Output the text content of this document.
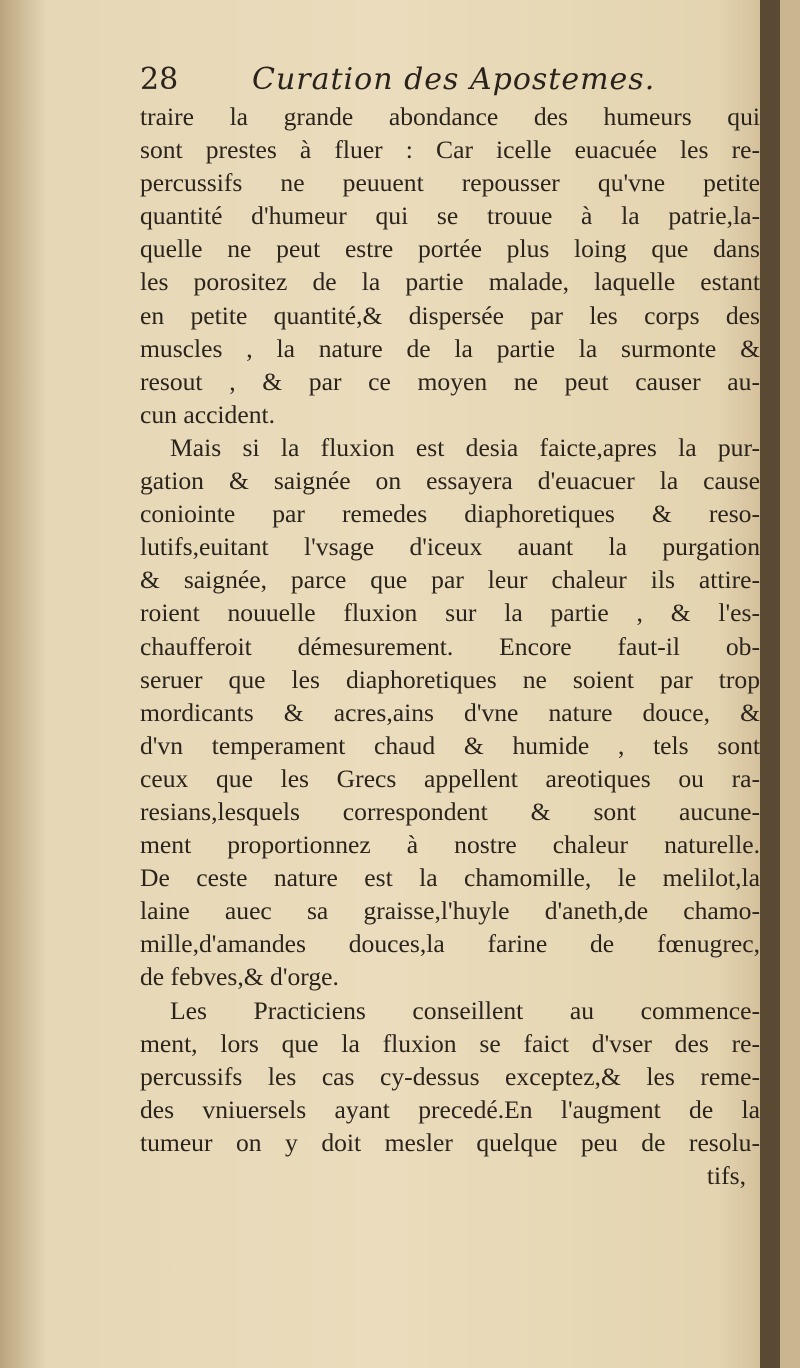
28 Curation des Apostemes.
traire la grande abondance des humeurs qui
sont prestes à fluer : Car icelle euacuée les re-
percussifs ne peuuent repousser qu'vne petite
quantité d'humeur qui se trouue à la patrie,la-
quelle ne peut estre portée plus loing que dans
les porositez de la partie malade, laquelle estant
en petite quantité,& dispersée par les corps des
muscles , la nature de la partie la surmonte &
resout , & par ce moyen ne peut causer au-
cun accident.
Mais si la fluxion est desia faicte,apres la pur-
gation & saignée on essayera d'euacuer la cause
coniointe par remedes diaphoretiques & reso-
lutifs,euitant l'vsage d'iceux auant la purgation
& saignée, parce que par leur chaleur ils attire-
roient nouuelle fluxion sur la partie , & l'es-
chaufferoit démesurement. Encore faut-il ob-
seruer que les diaphoretiques ne soient par trop
mordicants & acres,ains d'vne nature douce, &
d'vn temperament chaud & humide , tels sont
ceux que les Grecs appellent areotiques ou ra-
resians,lesquels correspondent & sont aucune-
ment proportionnez à nostre chaleur naturelle.
De ceste nature est la chamomille, le melilot,la
laine auec sa graisse,l'huyle d'aneth,de chamo-
mille,d'amandes douces,la farine de fœnugrec,
de febves,& d'orge.
Les Practiciens conseillent au commence-
ment, lors que la fluxion se faict d'vser des re-
percussifs les cas cy-dessus exceptez,& les reme-
des vniuersels ayant precedé.En l'augment de la
tumeur on y doit mesler quelque peu de resolu-
tifs,
